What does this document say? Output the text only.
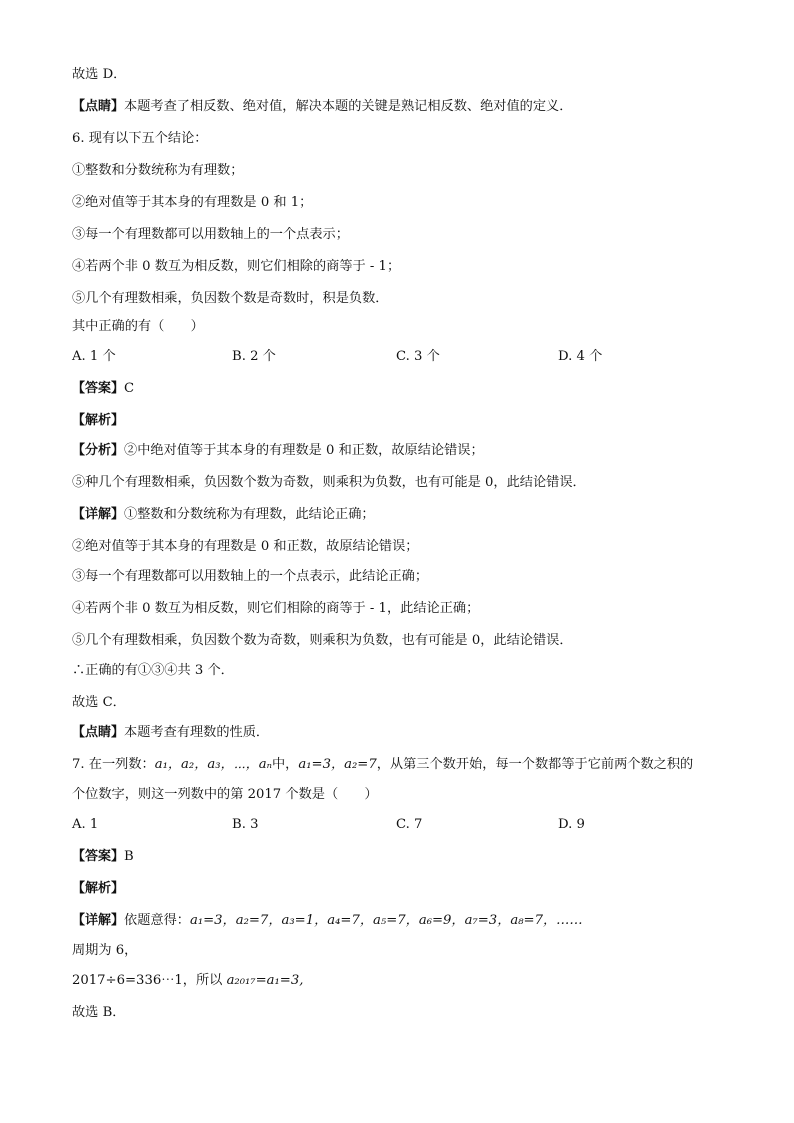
故选 D．
【点睛】本题考查了相反数、绝对值，解决本题的关键是熟记相反数、绝对值的定义．
6. 现有以下五个结论：
①整数和分数统称为有理数；
②绝对值等于其本身的有理数是 0 和 1；
③每一个有理数都可以用数轴上的一个点表示；
④若两个非 0 数互为相反数，则它们相除的商等于 - 1；
⑤几个有理数相乘，负因数个数是奇数时，积是负数．
其中正确的有（　　）
A. 1 个	B. 2 个	C. 3 个	D. 4 个
【答案】C
【解析】
【分析】②中绝对值等于其本身的有理数是 0 和正数，故原结论错误；
⑤种几个有理数相乘，负因数个数为奇数，则乘积为负数，也有可能是 0，此结论错误．
【详解】①整数和分数统称为有理数，此结论正确；
②绝对值等于其本身的有理数是 0 和正数，故原结论错误；
③每一个有理数都可以用数轴上的一个点表示，此结论正确；
④若两个非 0 数互为相反数，则它们相除的商等于 - 1，此结论正确；
⑤几个有理数相乘，负因数个数为奇数，则乘积为负数，也有可能是 0，此结论错误．
∴正确的有①③④共 3 个．
故选 C．
【点睛】本题考查有理数的性质．
7. 在一列数：a₁，a₂，a₃，⋯，aₙ中，a₁=3，a₂=7，从第三个数开始，每一个数都等于它前两个数之积的
个位数字，则这一列数中的第 2017 个数是（　　）
A. 1	B. 3	C. 7	D. 9
【答案】B
【解析】
【详解】依题意得：a₁=3，a₂=7，a₃=1，a₄=7，a₅=7，a₆=9，a₇=3，a₈=7，……
周期为 6，
2017÷6=336⋯1，所以 a₂₀₁₇=a₁=3,
故选 B．
